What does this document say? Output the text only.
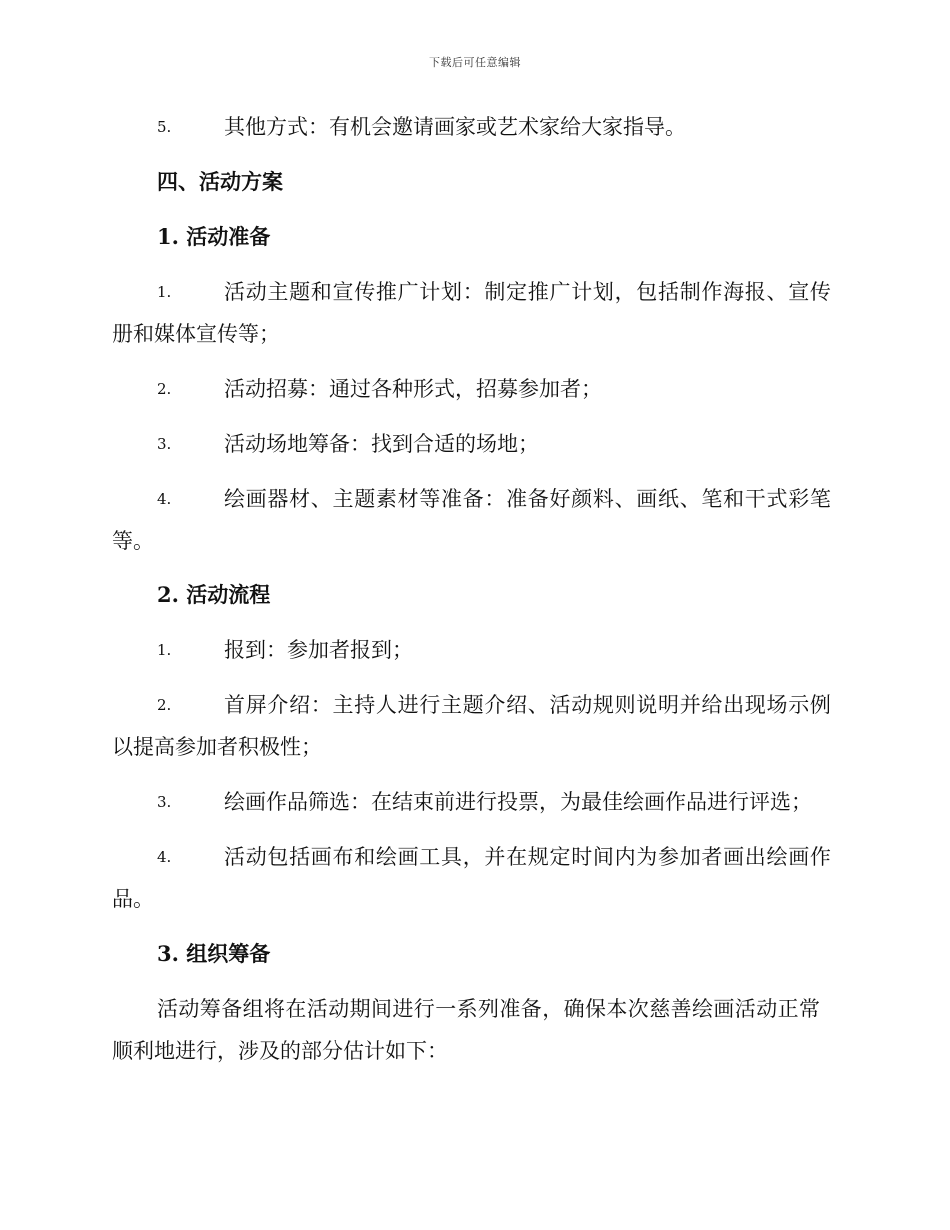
下载后可任意编辑
5.	其他方式：有机会邀请画家或艺术家给大家指导。
四、活动方案
1. 活动准备
1.	活动主题和宣传推广计划：制定推广计划，包括制作海报、宣传
册和媒体宣传等；
2.	活动招募：通过各种形式，招募参加者；
3.	活动场地筹备：找到合适的场地；
4.	绘画器材、主题素材等准备：准备好颜料、画纸、笔和干式彩笔
等。
2. 活动流程
1.	报到：参加者报到；
2.	首屏介绍：主持人进行主题介绍、活动规则说明并给出现场示例
以提高参加者积极性；
3.	绘画作品筛选：在结束前进行投票，为最佳绘画作品进行评选；
4.	活动包括画布和绘画工具，并在规定时间内为参加者画出绘画作
品。
3. 组织筹备
活动筹备组将在活动期间进行一系列准备，确保本次慈善绘画活动正常
顺利地进行，涉及的部分估计如下：
